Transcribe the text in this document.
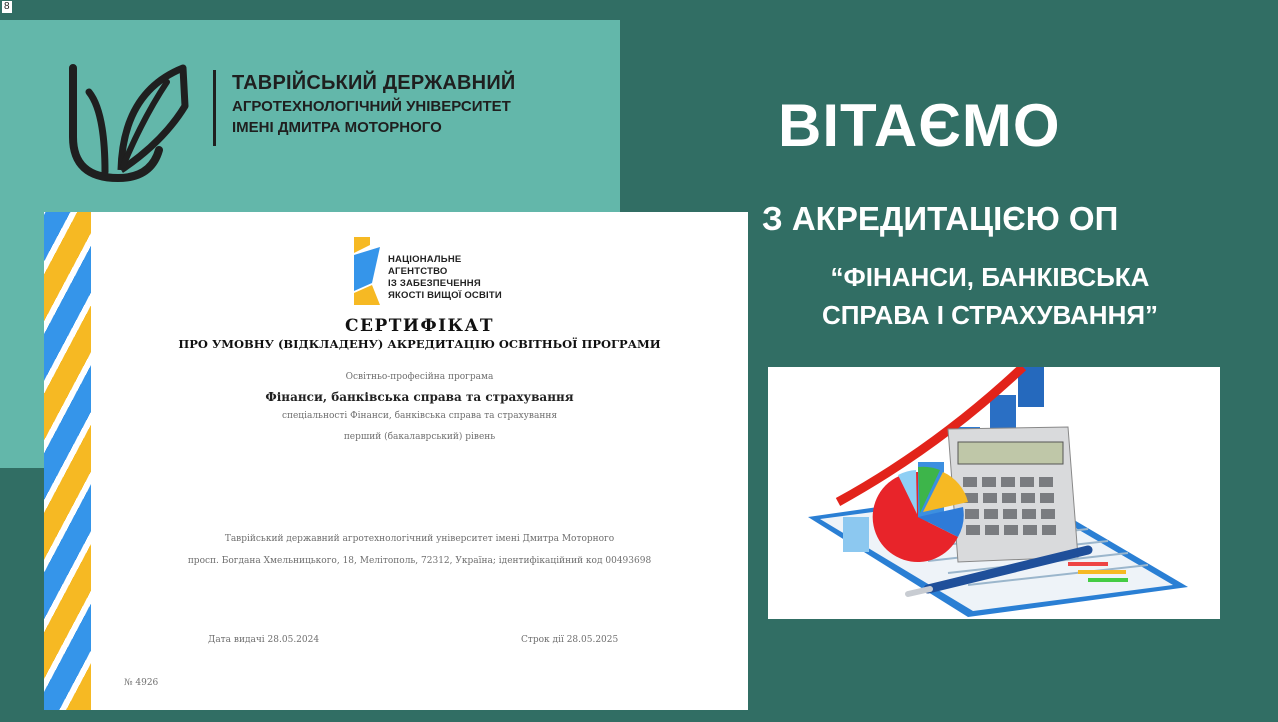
8
ТАВРІЙСЬКИЙ ДЕРЖАВНИЙ
АГРОТЕХНОЛОГІЧНИЙ УНІВЕРСИТЕТ
ІМЕНІ ДМИТРА МОТОРНОГО
НАЦІОНАЛЬНЕ
АГЕНТСТВО
ІЗ ЗАБЕЗПЕЧЕННЯ
ЯКОСТІ ВИЩОЇ ОСВІТИ
СЕРТИФІКАТ
ПРО УМОВНУ (ВІДКЛАДЕНУ) АКРЕДИТАЦІЮ ОСВІТНЬОЇ ПРОГРАМИ
Освітньо-професійна програма
Фінанси, банківська справа та страхування
спеціальності Фінанси, банківська справа та страхування
перший (бакалаврський) рівень
Таврійський державний агротехнологічний університет імені Дмитра Моторного
просп. Богдана Хмельницького, 18, Мелітополь, 72312, Україна; ідентифікаційний код 00493698
Дата видачі 28.05.2024	Строк дії 28.05.2025
№ 4926
ВІТАЄМО
З АКРЕДИТАЦІЄЮ ОП
“ФІНАНСИ, БАНКІВСЬКА
СПРАВА І СТРАХУВАННЯ”
